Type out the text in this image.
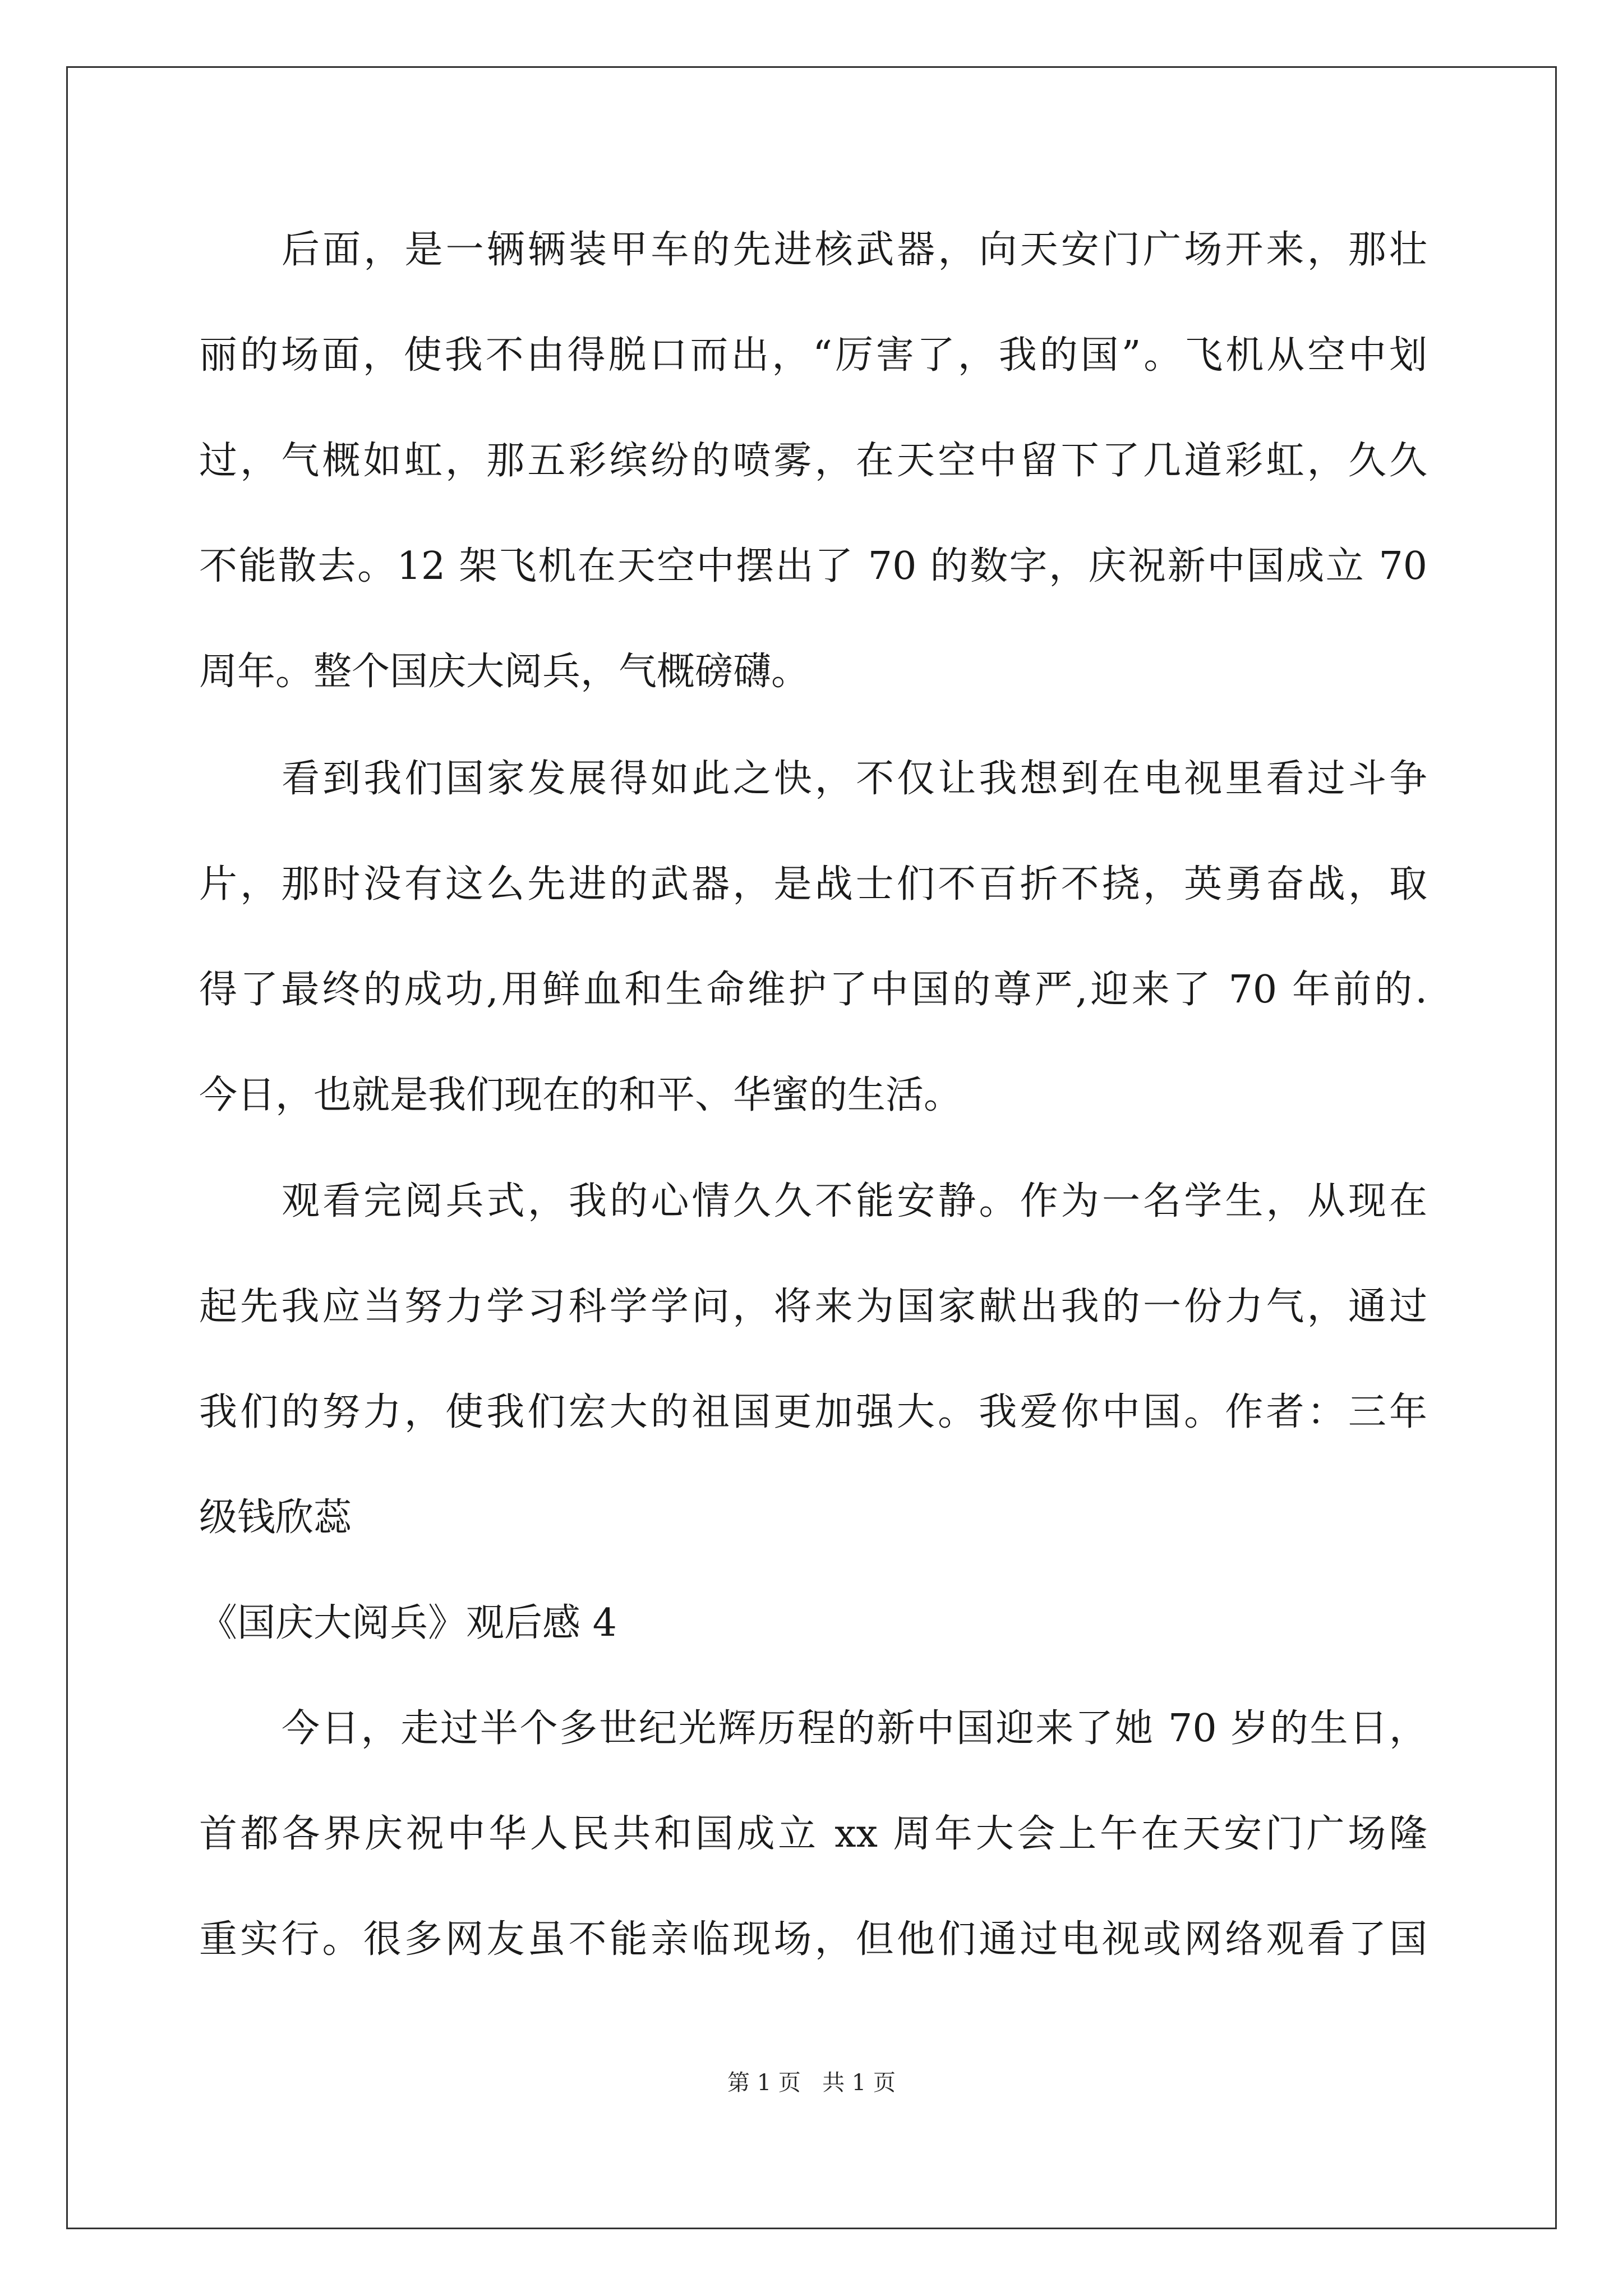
后面，是一辆辆装甲车的先进核武器，向天安门广场开来，那壮
丽的场面，使我不由得脱口而出，“厉害了，我的国”。飞机从空中划
过，气概如虹，那五彩缤纷的喷雾，在天空中留下了几道彩虹，久久
不能散去。12 架飞机在天空中摆出了 70 的数字，庆祝新中国成立 70
周年。整个国庆大阅兵，气概磅礴。
看到我们国家发展得如此之快，不仅让我想到在电视里看过斗争
片，那时没有这么先进的武器，是战士们不百折不挠，英勇奋战，取
得了最终的成功,用鲜血和生命维护了中国的尊严,迎来了 70 年前的.
今日，也就是我们现在的和平、华蜜的生活。
观看完阅兵式，我的心情久久不能安静。作为一名学生，从现在
起先我应当努力学习科学学问，将来为国家献出我的一份力气，通过
我们的努力，使我们宏大的祖国更加强大。我爱你中国。作者：三年
级钱欣蕊
《国庆大阅兵》观后感 4
今日，走过半个多世纪光辉历程的新中国迎来了她 70 岁的生日，
首都各界庆祝中华人民共和国成立 xx 周年大会上午在天安门广场隆
重实行。很多网友虽不能亲临现场，但他们通过电视或网络观看了国
第 1 页   共 1 页
